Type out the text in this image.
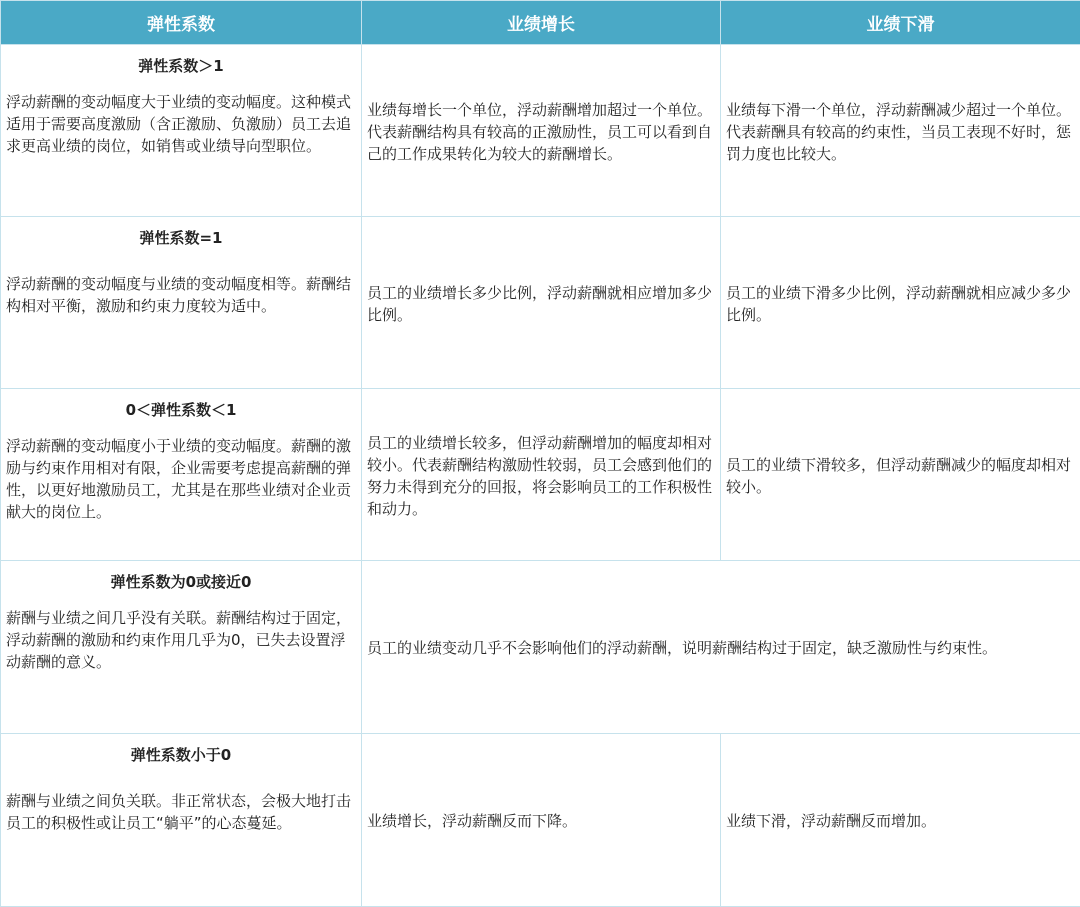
弹性系数	业绩增长	业绩下滑

弹性系数＞1
浮动薪酬的变动幅度大于业绩的变动幅度。这种模式适用于需要高度激励（含正激励、负激励）员工去追求更高业绩的岗位，如销售或业绩导向型职位。	业绩每增长一个单位，浮动薪酬增加超过一个单位。代表薪酬结构具有较高的正激励性，员工可以看到自己的工作成果转化为较大的薪酬增长。	业绩每下滑一个单位，浮动薪酬减少超过一个单位。代表薪酬具有较高的约束性，当员工表现不好时，惩罚力度也比较大。

弹性系数=1
浮动薪酬的变动幅度与业绩的变动幅度相等。薪酬结构相对平衡，激励和约束力度较为适中。	员工的业绩增长多少比例，浮动薪酬就相应增加多少比例。	员工的业绩下滑多少比例，浮动薪酬就相应减少多少比例。

0＜弹性系数＜1
浮动薪酬的变动幅度小于业绩的变动幅度。薪酬的激励与约束作用相对有限，企业需要考虑提高薪酬的弹性，以更好地激励员工，尤其是在那些业绩对企业贡献大的岗位上。	员工的业绩增长较多，但浮动薪酬增加的幅度却相对较小。代表薪酬结构激励性较弱，员工会感到他们的努力未得到充分的回报，将会影响员工的工作积极性和动力。	员工的业绩下滑较多，但浮动薪酬减少的幅度却相对较小。

弹性系数为0或接近0
薪酬与业绩之间几乎没有关联。薪酬结构过于固定，浮动薪酬的激励和约束作用几乎为0，已失去设置浮动薪酬的意义。	员工的业绩变动几乎不会影响他们的浮动薪酬，说明薪酬结构过于固定，缺乏激励性与约束性。	

弹性系数小于0
薪酬与业绩之间负关联。非正常状态，会极大地打击员工的积极性或让员工“躺平”的心态蔓延。	业绩增长，浮动薪酬反而下降。	业绩下滑，浮动薪酬反而增加。
